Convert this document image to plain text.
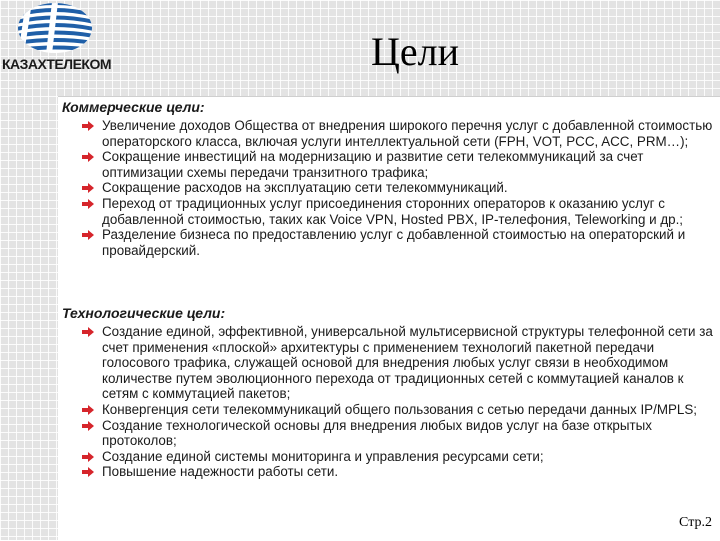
КАЗАХТЕЛЕКОМ	Цели
Коммерческие цели:
Увеличение доходов Общества от внедрения широкого перечня услуг с добавленной стоимостью операторского класса, включая услуги интеллектуальной сети (FPH, VOT, PCC, ACC, PRM…);
Сокращение инвестиций на модернизацию и развитие сети телекоммуникаций за счет оптимизации схемы передачи транзитного трафика;
Сокращение расходов на эксплуатацию сети телекоммуникаций.
Переход от традиционных услуг присоединения сторонних операторов к оказанию услуг с добавленной стоимостью, таких как Voice VPN, Hosted PBX, IP-телефония, Teleworking и др.;
Разделение бизнеса по предоставлению услуг с добавленной стоимостью на операторский и провайдерский.
Технологические цели:
Создание единой, эффективной, универсальной мультисервисной структуры телефонной сети за счет применения «плоской» архитектуры с применением технологий пакетной передачи голосового трафика, служащей основой для внедрения любых услуг связи в необходимом количестве путем эволюционного перехода от традиционных сетей с коммутацией каналов к сетям с коммутацией пакетов;
Конвергенция сети телекоммуникаций общего пользования с сетью передачи данных IP/MPLS;
Создание технологической основы для внедрения любых видов услуг на базе открытых протоколов;
Создание единой системы мониторинга и управления ресурсами сети;
Повышение надежности работы сети.
Стр.2
